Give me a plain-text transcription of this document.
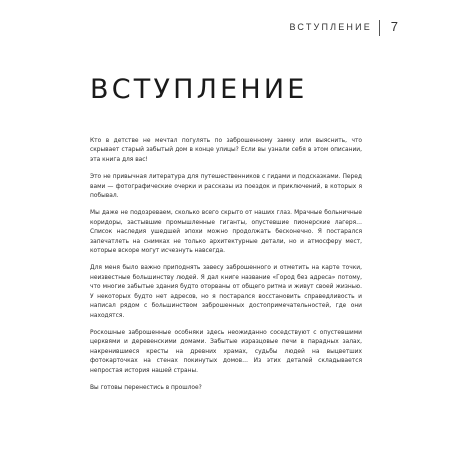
ВСТУПЛЕНИЕ 7
ВСТУПЛЕНИЕ

Кто в детстве не мечтал погулять по заброшенному замку или выяснить, что скрывает старый забытый дом в конце улицы? Если вы узнали себя в этом описании, эта книга для вас!

Это не привычная литература для путешественников с гидами и подсказками. Перед вами — фотографические очерки и рассказы из поездок и приключений, в которых я побывал.

Мы даже не подозреваем, сколько всего скрыто от наших глаз. Мрачные больничные коридоры, застывшие промышленные гиганты, опустевшие пионерские лагеря… Список наследия ушедшей эпохи можно продолжать бесконечно. Я постарался запечатлеть на снимках не только архитектурные детали, но и атмосферу мест, которые вскоре могут исчезнуть навсегда.

Для меня было важно приподнять завесу заброшенного и отметить на карте точки, неизвестные большинству людей. Я дал книге название «Город без адреса» потому, что многие забытые здания будто оторваны от общего ритма и живут своей жизнью. У некоторых будто нет адресов, но я постарался восстановить справедливость и написал рядом с большинством заброшенных достопримечательностей, где они находятся.

Роскошные заброшенные особняки здесь неожиданно соседствуют с опустевшими церквями и деревенскими домами. Забытые изразцовые печи в парадных залах, накренившиеся кресты на древних храмах, судьбы людей на выцветших фотокарточках на стенах покинутых домов… Из этих деталей складывается непростая история нашей страны.

Вы готовы перенестись в прошлое?
